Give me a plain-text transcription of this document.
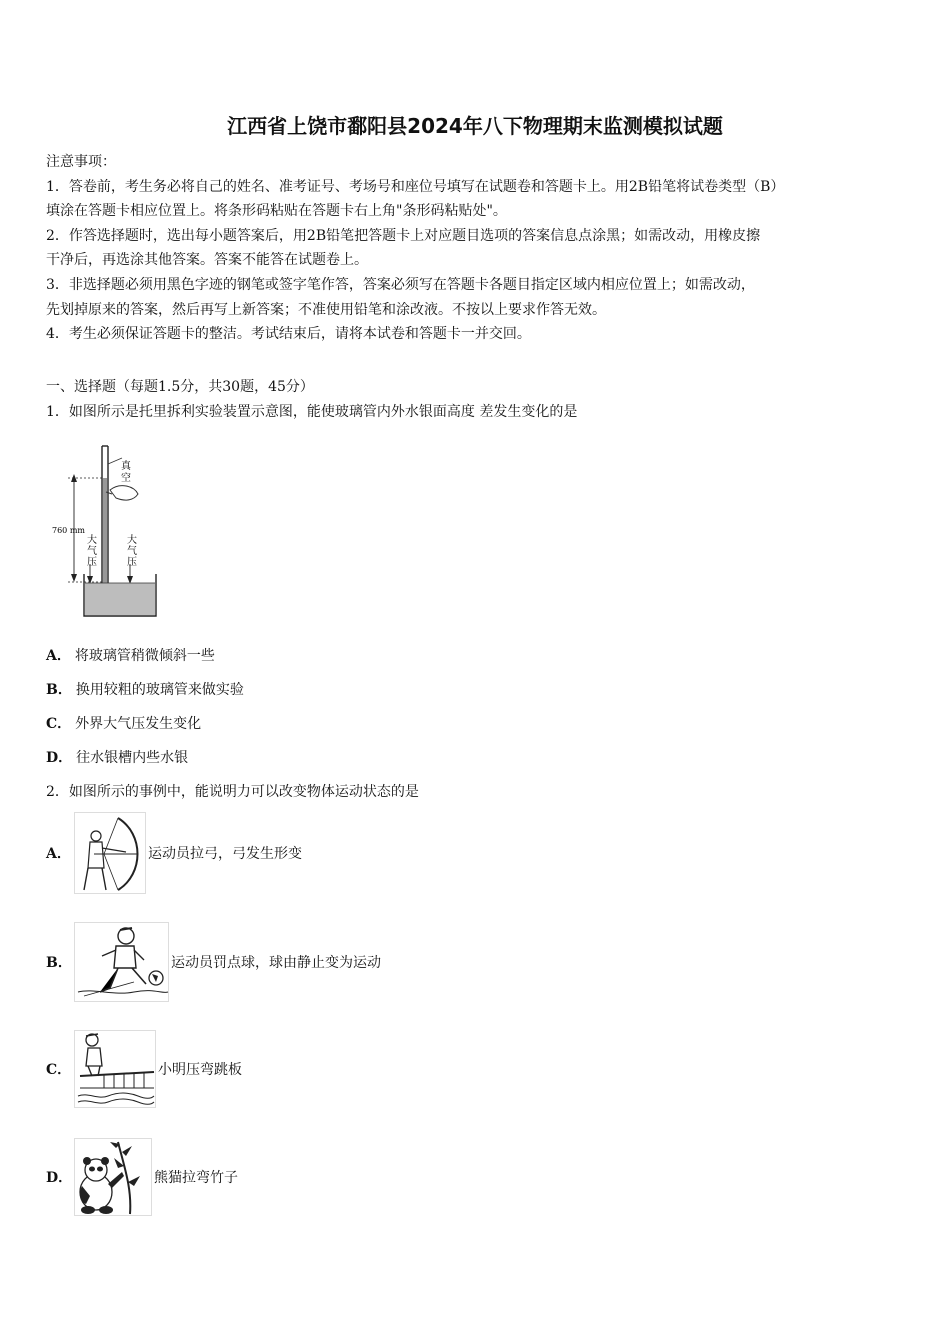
江西省上饶市鄱阳县2024年八下物理期末监测模拟试题

注意事项：

1．答卷前，考生务必将自己的姓名、准考证号、考场号和座位号填写在试题卷和答题卡上。用2B铅笔将试卷类型（B）

填涂在答题卡相应位置上。将条形码粘贴在答题卡右上角"条形码粘贴处"。

2．作答选择题时，选出每小题答案后，用2B铅笔把答题卡上对应题目选项的答案信息点涂黑；如需改动，用橡皮擦

干净后，再选涂其他答案。答案不能答在试题卷上。

3．非选择题必须用黑色字迹的钢笔或签字笔作答，答案必须写在答题卡各题目指定区域内相应位置上；如需改动，

先划掉原来的答案，然后再写上新答案；不准使用铅笔和涂改液。不按以上要求作答无效。

4．考生必须保证答题卡的整洁。考试结束后，请将本试卷和答题卡一并交回。

一、选择题（每题1.5分，共30题，45分）
1．如图所示是托里拆利实验装置示意图，能使玻璃管内外水银面高度 差发生变化的是
真空
760 mm
大气压	大气压
A． 将玻璃管稍微倾斜一些
B． 换用较粗的玻璃管来做实验
C． 外界大气压发生变化
D． 往水银槽内些水银
2．如图所示的事例中，能说明力可以改变物体运动状态的是
A．	运动员拉弓，弓发生形变
B．	运动员罚点球，球由静止变为运动
C．	小明压弯跳板
D．	熊猫拉弯竹子
